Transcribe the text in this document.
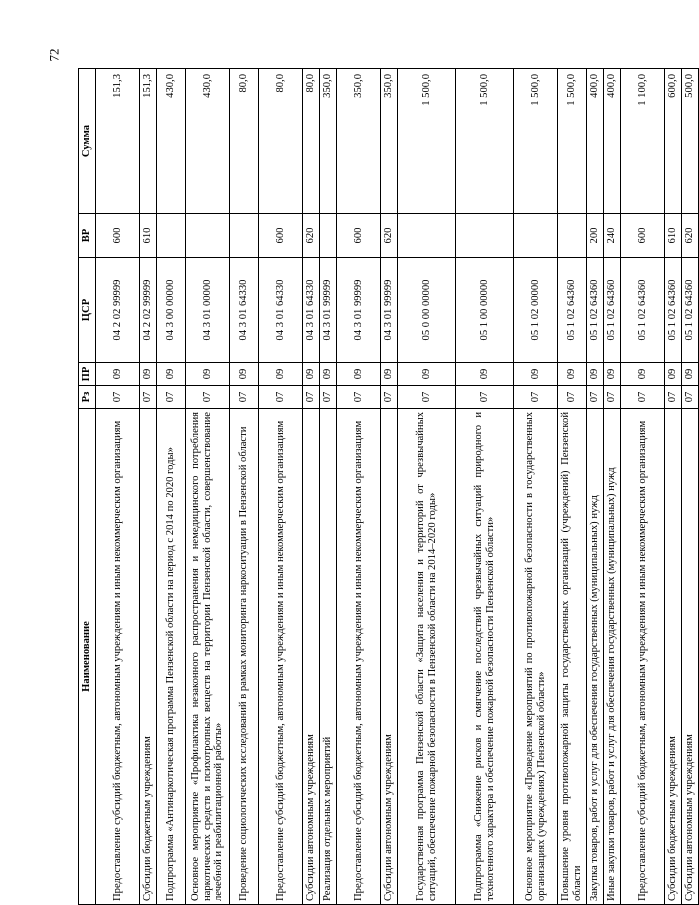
72
Наименование	Рз	ПР	ЦСР	ВР	Сумма
Предоставление субсидий бюджетным, автономным учреждениям и иным некоммерческим организациям	07	09	04 2 02 99999	600	151,3
Субсидии бюджетным учреждениям	07	09	04 2 02 99999	610	151,3
Подпрограмма «Антинаркотическая программа Пензенской области на период с 2014 по 2020 годы»	07	09	04 3 00 00000		430,0
Основное мероприятие «Профилактика незаконного распространения и немедицинского потребления наркотических средств и психотропных веществ на территории Пензенской области, совершенствование лечебной и реабилитационной работы»	07	09	04 3 01 00000		430,0
Проведение социологических исследований в рамках мониторинга наркоситуации в Пензенской области	07	09	04 3 01 64330		80,0
Предоставление субсидий бюджетным, автономным учреждениям и иным некоммерческим организациям	07	09	04 3 01 64330	600	80,0
Субсидии автономным учреждениям	07	09	04 3 01 64330	620	80,0
Реализация отдельных мероприятий	07	09	04 3 01 99999		350,0
Предоставление субсидий бюджетным, автономным учреждениям и иным некоммерческим организациям	07	09	04 3 01 99999	600	350,0
Субсидии автономным учреждениям	07	09	04 3 01 99999	620	350,0
Государственная программа Пензенской области «Защита населения и территорий от чрезвычайных ситуаций, обеспечение пожарной безопасности в Пензенской области на 2014–2020 годы»	07	09	05 0 00 00000		1 500,0
Подпрограмма «Снижение рисков и смягчение последствий чрезвычайных ситуаций природного и техногенного характера и обеспечение пожарной безопасности Пензенской области»	07	09	05 1 00 00000		1 500,0
Основное мероприятие «Проведение мероприятий по противопожарной безопасности в государственных организациях (учреждениях) Пензенской области»	07	09	05 1 02 00000		1 500,0
Повышение уровня противопожарной защиты государственных организаций (учреждений) Пензенской области	07	09	05 1 02 64360		1 500,0
Закупка товаров, работ и услуг для обеспечения государственных (муниципальных) нужд	07	09	05 1 02 64360	200	400,0
Иные закупки товаров, работ и услуг для обеспечения государственных (муниципальных) нужд	07	09	05 1 02 64360	240	400,0
Предоставление субсидий бюджетным, автономным учреждениям и иным некоммерческим организациям	07	09	05 1 02 64360	600	1 100,0
Субсидии бюджетным учреждениям	07	09	05 1 02 64360	610	600,0
Субсидии автономным учреждениям	07	09	05 1 02 64360	620	500,0
